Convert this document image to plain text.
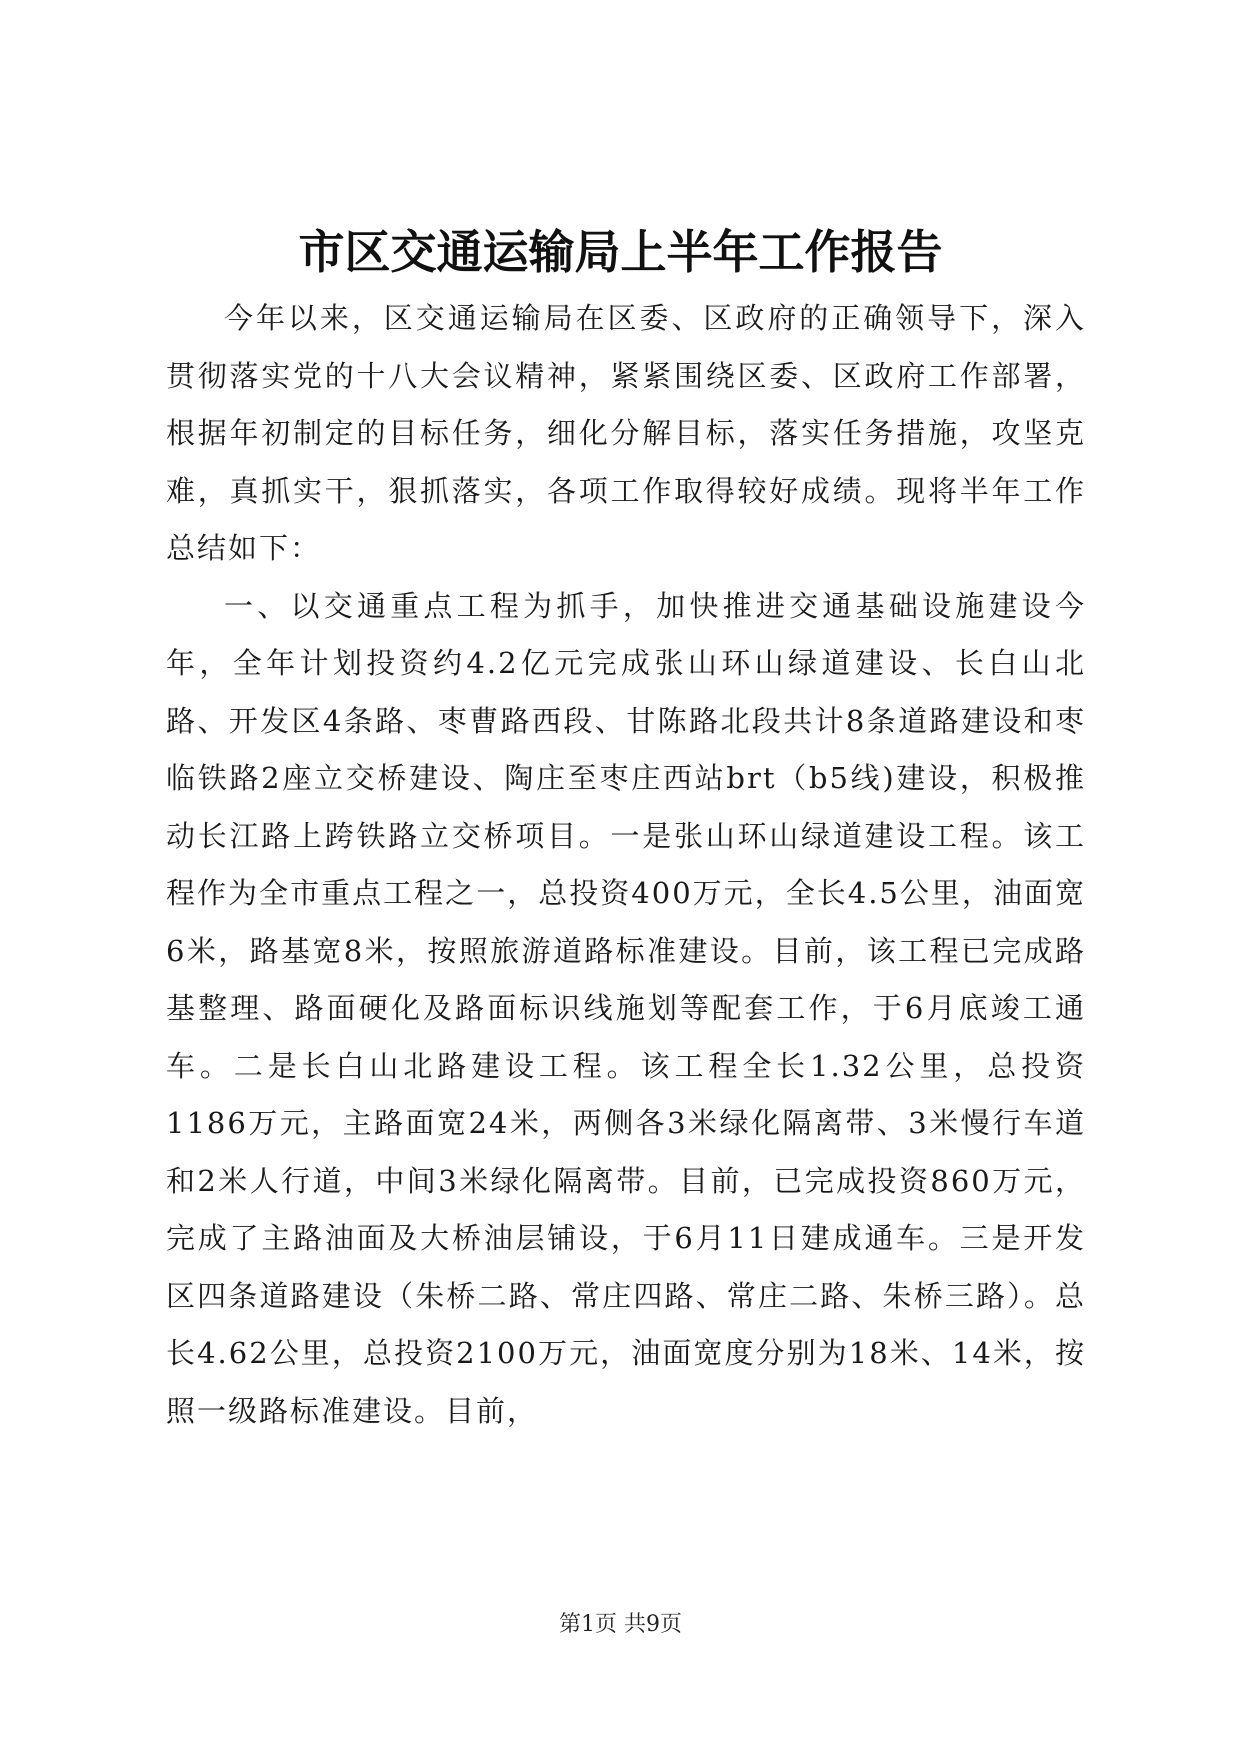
市区交通运输局上半年工作报告

今年以来，区交通运输局在区委、区政府的正确领导下，深入贯彻落实党的十八大会议精神，紧紧围绕区委、区政府工作部署，根据年初制定的目标任务，细化分解目标，落实任务措施，攻坚克难，真抓实干，狠抓落实，各项工作取得较好成绩。现将半年工作总结如下：

一、以交通重点工程为抓手，加快推进交通基础设施建设今年，全年计划投资约4.2亿元完成张山环山绿道建设、长白山北路、开发区4条路、枣曹路西段、甘陈路北段共计8条道路建设和枣临铁路2座立交桥建设、陶庄至枣庄西站brt（b5线)建设，积极推动长江路上跨铁路立交桥项目。一是张山环山绿道建设工程。该工程作为全市重点工程之一，总投资400万元，全长4.5公里，油面宽6米，路基宽8米，按照旅游道路标准建设。目前，该工程已完成路基整理、路面硬化及路面标识线施划等配套工作，于6月底竣工通车。二是长白山北路建设工程。该工程全长1.32公里，总投资1186万元，主路面宽24米，两侧各3米绿化隔离带、3米慢行车道和2米人行道，中间3米绿化隔离带。目前，已完成投资860万元，完成了主路油面及大桥油层铺设，于6月11日建成通车。三是开发区四条道路建设（朱桥二路、常庄四路、常庄二路、朱桥三路）。总长4.62公里，总投资2100万元，油面宽度分别为18米、14米，按照一级路标准建设。目前，

第1页 共9页
